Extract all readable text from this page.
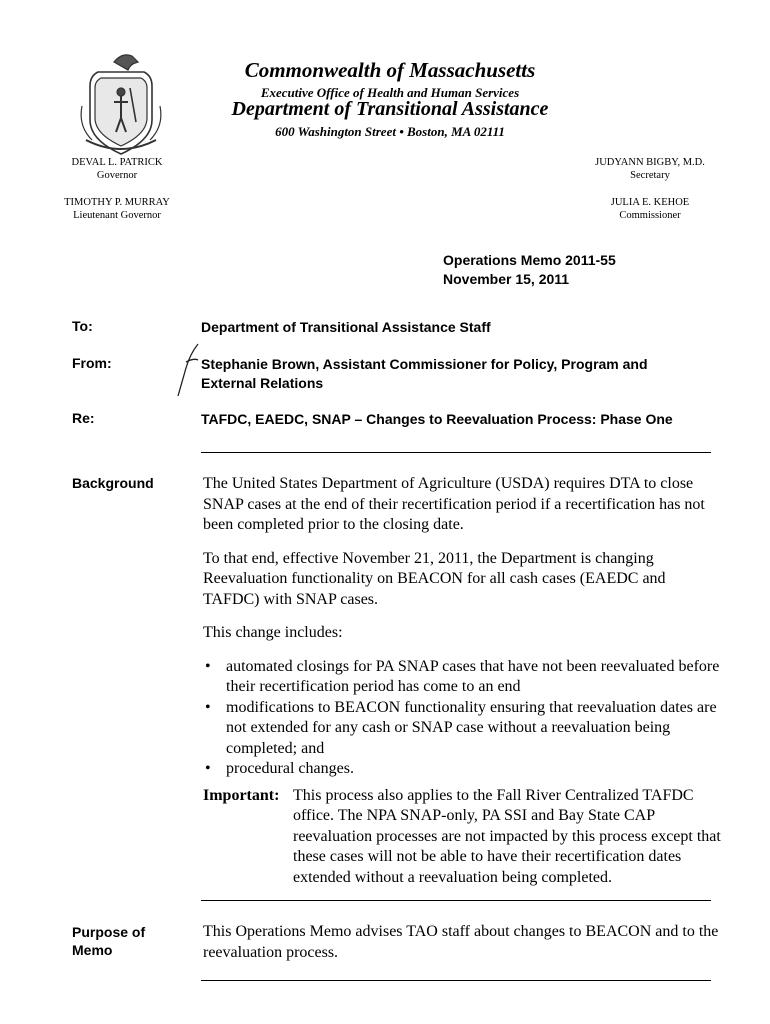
Commonwealth of Massachusetts
Executive Office of Health and Human Services
Department of Transitional Assistance
600 Washington Street • Boston, MA 02111
DEVAL L. PATRICK
Governor
TIMOTHY P. MURRAY
Lieutenant Governor
JUDYANN BIGBY, M.D.
Secretary
JULIA E. KEHOE
Commissioner
Operations Memo 2011-55
November 15, 2011
To:	Department of Transitional Assistance Staff
From:	Stephanie Brown, Assistant Commissioner for Policy, Program and
External Relations
Re:	TAFDC, EAEDC, SNAP – Changes to Reevaluation Process: Phase One
Background	The United States Department of Agriculture (USDA) requires DTA to close SNAP cases at the end of their recertification period if a recertification has not been completed prior to the closing date.

To that end, effective November 21, 2011, the Department is changing Reevaluation functionality on BEACON for all cash cases (EAEDC and TAFDC) with SNAP cases.

This change includes:

• automated closings for PA SNAP cases that have not been reevaluated before their recertification period has come to an end
• modifications to BEACON functionality ensuring that reevaluation dates are not extended for any cash or SNAP case without a reevaluation being completed; and
• procedural changes.
Important: This process also applies to the Fall River Centralized TAFDC office. The NPA SNAP-only, PA SSI and Bay State CAP reevaluation processes are not impacted by this process except that these cases will not be able to have their recertification dates extended without a reevaluation being completed.
Purpose of
Memo
This Operations Memo advises TAO staff about changes to BEACON and to the reevaluation process.
